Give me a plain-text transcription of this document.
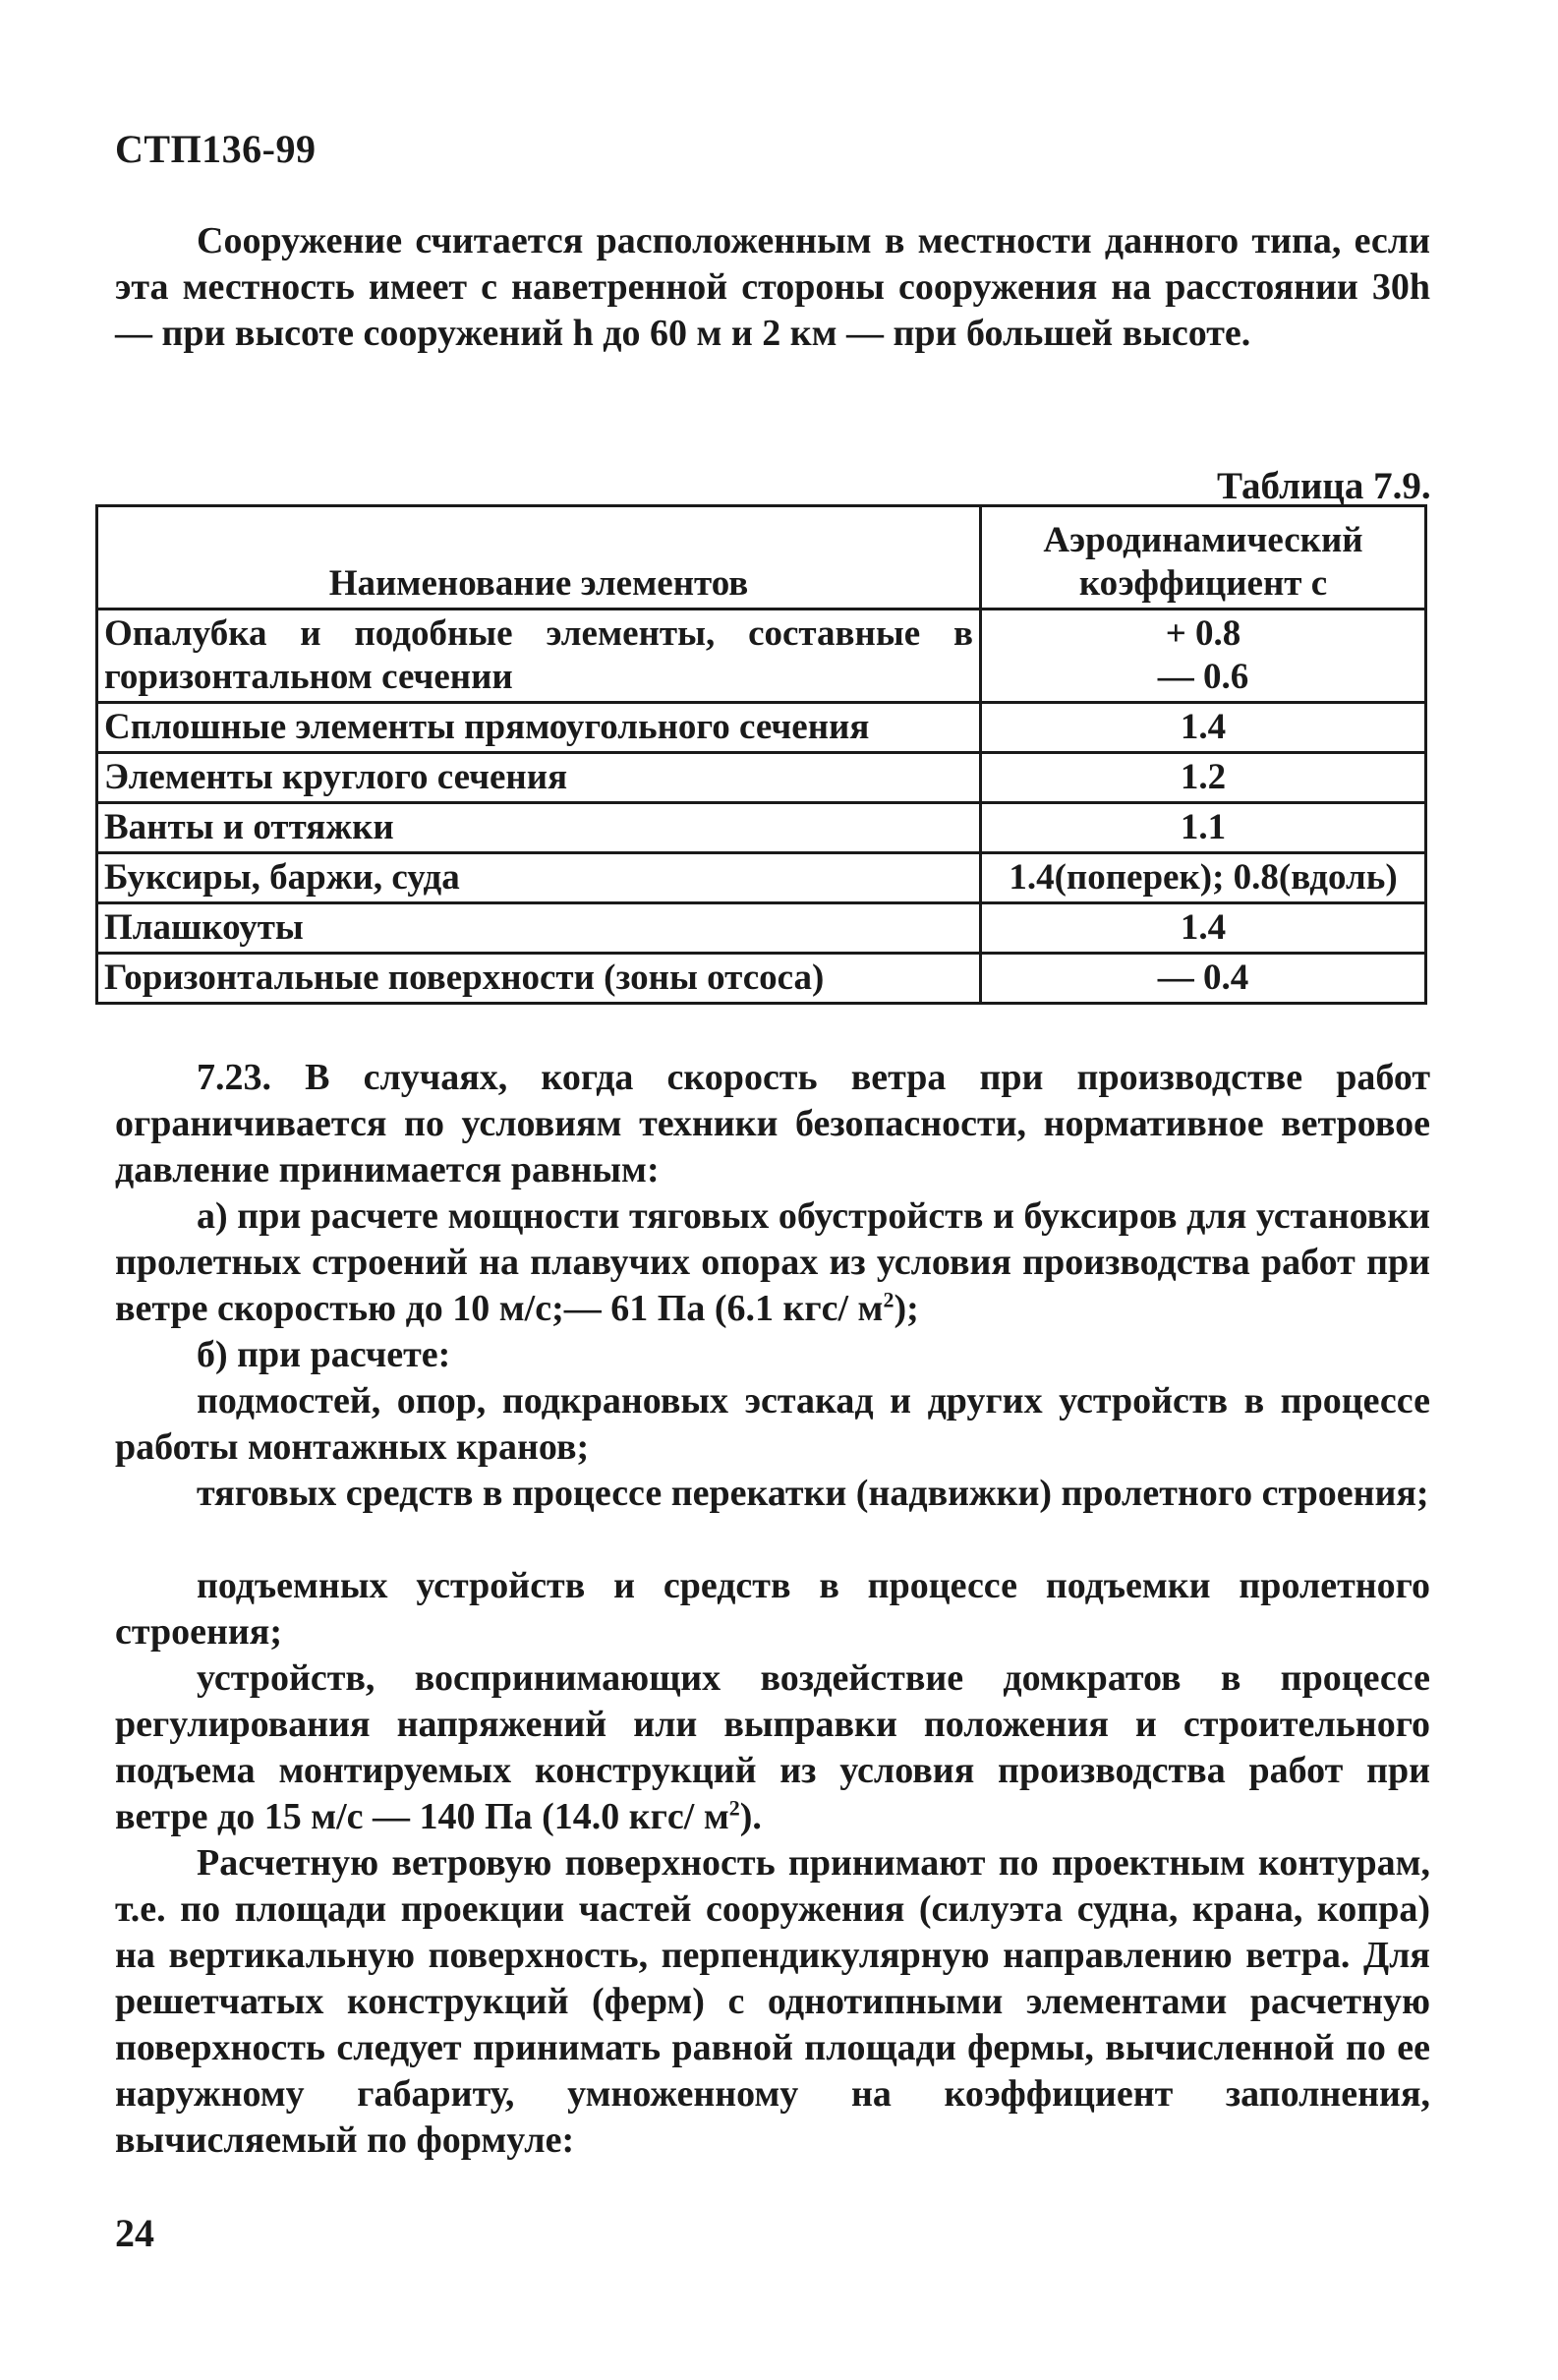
СТП136-99

Сооружение считается расположенным в местности данного типа, если эта местность имеет с наветренной стороны сооружения на расстоянии 30h — при высоте сооружений h до 60 м и 2 км — при большей высоте.

Таблица 7.9.
Наименование элементов	Аэродинамический коэффициент с
Опалубка и подобные элементы, составные в горизонтальном сечении	+ 0.8
— 0.6

Сплошные элементы прямоугольного сечения	1.4
Элементы круглого сечения	1.2
Ванты и оттяжки	1.1
Буксиры, баржи, суда	1.4(поперек); 0.8(вдоль)
Плашкоуты	1.4
Горизонтальные поверхности (зоны отсоса)	— 0.4

7.23. В случаях, когда скорость ветра при производстве работ ограничивается по условиям техники безопасности, нормативное ветровое давление принимается равным:

а) при расчете мощности тяговых обустройств и буксиров для установки пролетных строений на плавучих опорах из условия производства работ при ветре скоростью до 10 м/с;— 61 Па (6.1 кгс/ $м^2$);

б) при расчете:

подмостей, опор, подкрановых эстакад и других устройств в процессе работы монтажных кранов;

тяговых средств в процессе перекатки (надвижки) пролетного строения;

подъемных устройств и средств в процессе подъемки пролетного строения;

устройств, воспринимающих воздействие домкратов в процессе регулирования напряжений или выправки положения и строительного подъема монтируемых конструкций из условия производства работ при ветре до 15 м/с — 140 Па (14.0 кгс/ $м^2$).

Расчетную ветровую поверхность принимают по проектным контурам, т.е. по площади проекции частей сооружения (силуэта судна, крана, копра) на вертикальную поверхность, перпендикулярную направлению ветра. Для решетчатых конструкций (ферм) с однотипными элементами расчетную поверхность следует принимать равной площади фермы, вычисленной по ее наружному габариту, умноженному на коэффициент заполнения, вычисляемый по формуле:

24
